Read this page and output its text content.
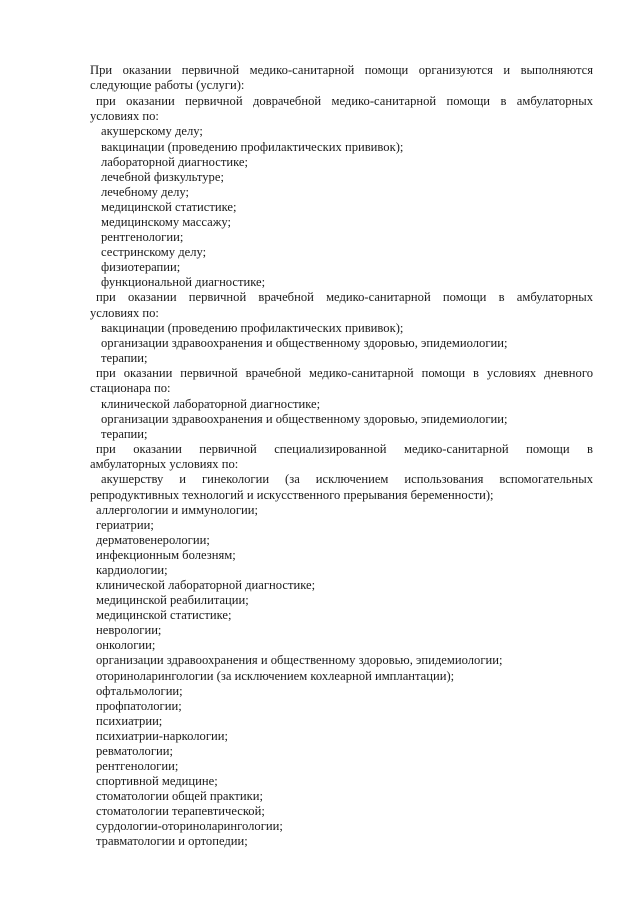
При оказании первичной медико-санитарной помощи организуются и выполняются
следующие работы (услуги):
при оказании первичной доврачебной медико-санитарной помощи в амбулаторных
условиях по:
акушерскому делу;
вакцинации (проведению профилактических прививок);
лабораторной диагностике;
лечебной физкультуре;
лечебному делу;
медицинской статистике;
медицинскому массажу;
рентгенологии;
сестринскому делу;
физиотерапии;
функциональной диагностике;
при оказании первичной врачебной медико-санитарной помощи в амбулаторных
условиях по:
вакцинации (проведению профилактических прививок);
организации здравоохранения и общественному здоровью, эпидемиологии;
терапии;
при оказании первичной врачебной медико-санитарной помощи в условиях дневного
стационара по:
клинической лабораторной диагностике;
организации здравоохранения и общественному здоровью, эпидемиологии;
терапии;
при оказании первичной специализированной медико-санитарной помощи в
амбулаторных условиях по:
акушерству и гинекологии (за исключением использования вспомогательных
репродуктивных технологий и искусственного прерывания беременности);
аллергологии и иммунологии;
гериатрии;
дерматовенерологии;
инфекционным болезням;
кардиологии;
клинической лабораторной диагностике;
медицинской реабилитации;
медицинской статистике;
неврологии;
онкологии;
организации здравоохранения и общественному здоровью, эпидемиологии;
оториноларингологии (за исключением кохлеарной имплантации);
офтальмологии;
профпатологии;
психиатрии;
психиатрии-наркологии;
ревматологии;
рентгенологии;
спортивной медицине;
стоматологии общей практики;
стоматологии терапевтической;
сурдологии-оториноларингологии;
травматологии и ортопедии;
